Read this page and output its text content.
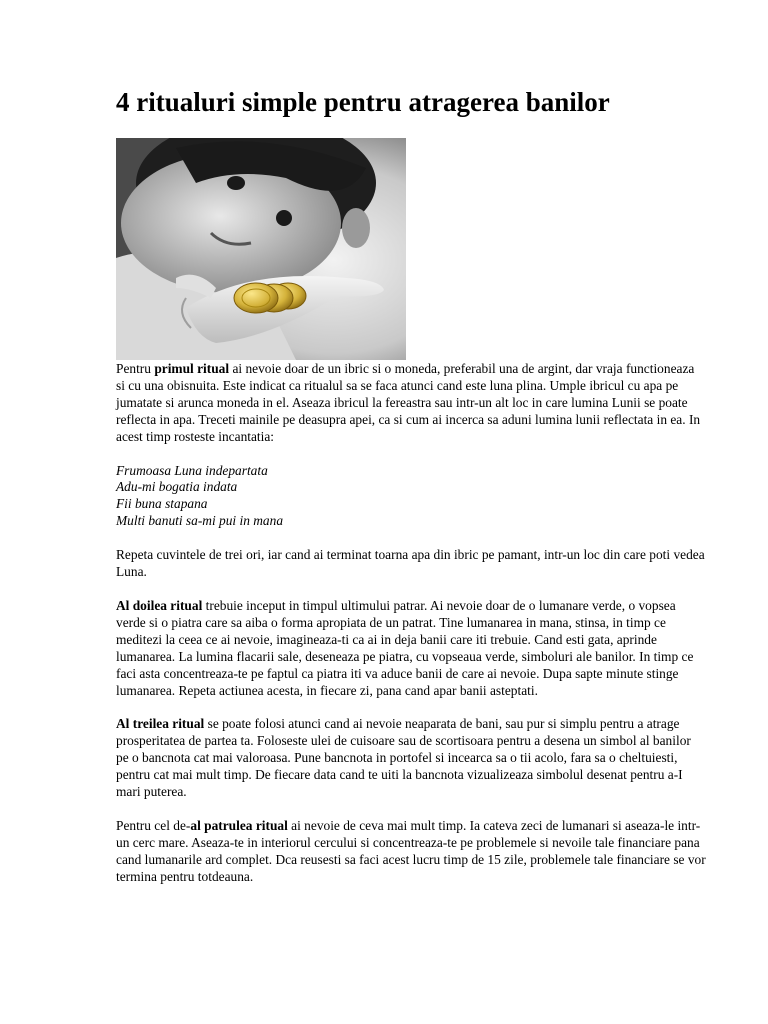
4 ritualuri simple pentru atragerea banilor

Pentru primul ritual ai nevoie doar de un ibric si o moneda, preferabil una de argint, dar vraja functioneaza si cu una obisnuita. Este indicat ca ritualul sa se faca atunci cand este luna plina. Umple ibricul cu apa pe jumatate si arunca moneda in el. Aseaza ibricul la fereastra sau intr-un alt loc in care lumina Lunii se poate reflecta in apa. Treceti mainile pe deasupra apei, ca si cum ai incerca sa aduni lumina lunii reflectata in ea. In acest timp rosteste incantatia:

Frumoasa Luna indepartata
Adu-mi bogatia indata
Fii buna stapana
Multi banuti sa-mi pui in mana

Repeta cuvintele de trei ori, iar cand ai terminat toarna apa din ibric pe pamant, intr-un loc din care poti vedea Luna.

Al doilea ritual trebuie inceput in timpul ultimului patrar. Ai nevoie doar de o lumanare verde, o vopsea verde si o piatra care sa aiba o forma apropiata de un patrat. Tine lumanarea in mana, stinsa, in timp ce meditezi la ceea ce ai nevoie, imagineaza-ti ca ai in deja banii care iti trebuie. Cand esti gata, aprinde lumanarea. La lumina flacarii sale, deseneaza pe piatra, cu vopseaua verde, simboluri ale banilor. In timp ce faci asta concentreaza-te pe faptul ca piatra iti va aduce banii de care ai nevoie. Dupa sapte minute stinge lumanarea. Repeta actiunea acesta, in fiecare zi, pana cand apar banii asteptati.

Al treilea ritual se poate folosi atunci cand ai nevoie neaparata de bani, sau pur si simplu pentru a atrage prosperitatea de partea ta. Foloseste ulei de cuisoare sau de scortisoara pentru a desena un simbol al banilor pe o bancnota cat mai valoroasa. Pune bancnota in portofel si incearca sa o tii acolo, fara sa o cheltuiesti, pentru cat mai mult timp. De fiecare data cand te uiti la bancnota vizualizeaza simbolul desenat pentru a-I mari puterea.

Pentru cel de-al patrulea ritual ai nevoie de ceva mai mult timp. Ia cateva zeci de lumanari si aseaza-le intr-un cerc mare. Aseaza-te in interiorul cercului si concentreaza-te pe problemele si nevoile tale financiare pana cand lumanarile ard complet. Dca reusesti sa faci acest lucru timp de 15 zile, problemele tale financiare se vor termina pentru totdeauna.
